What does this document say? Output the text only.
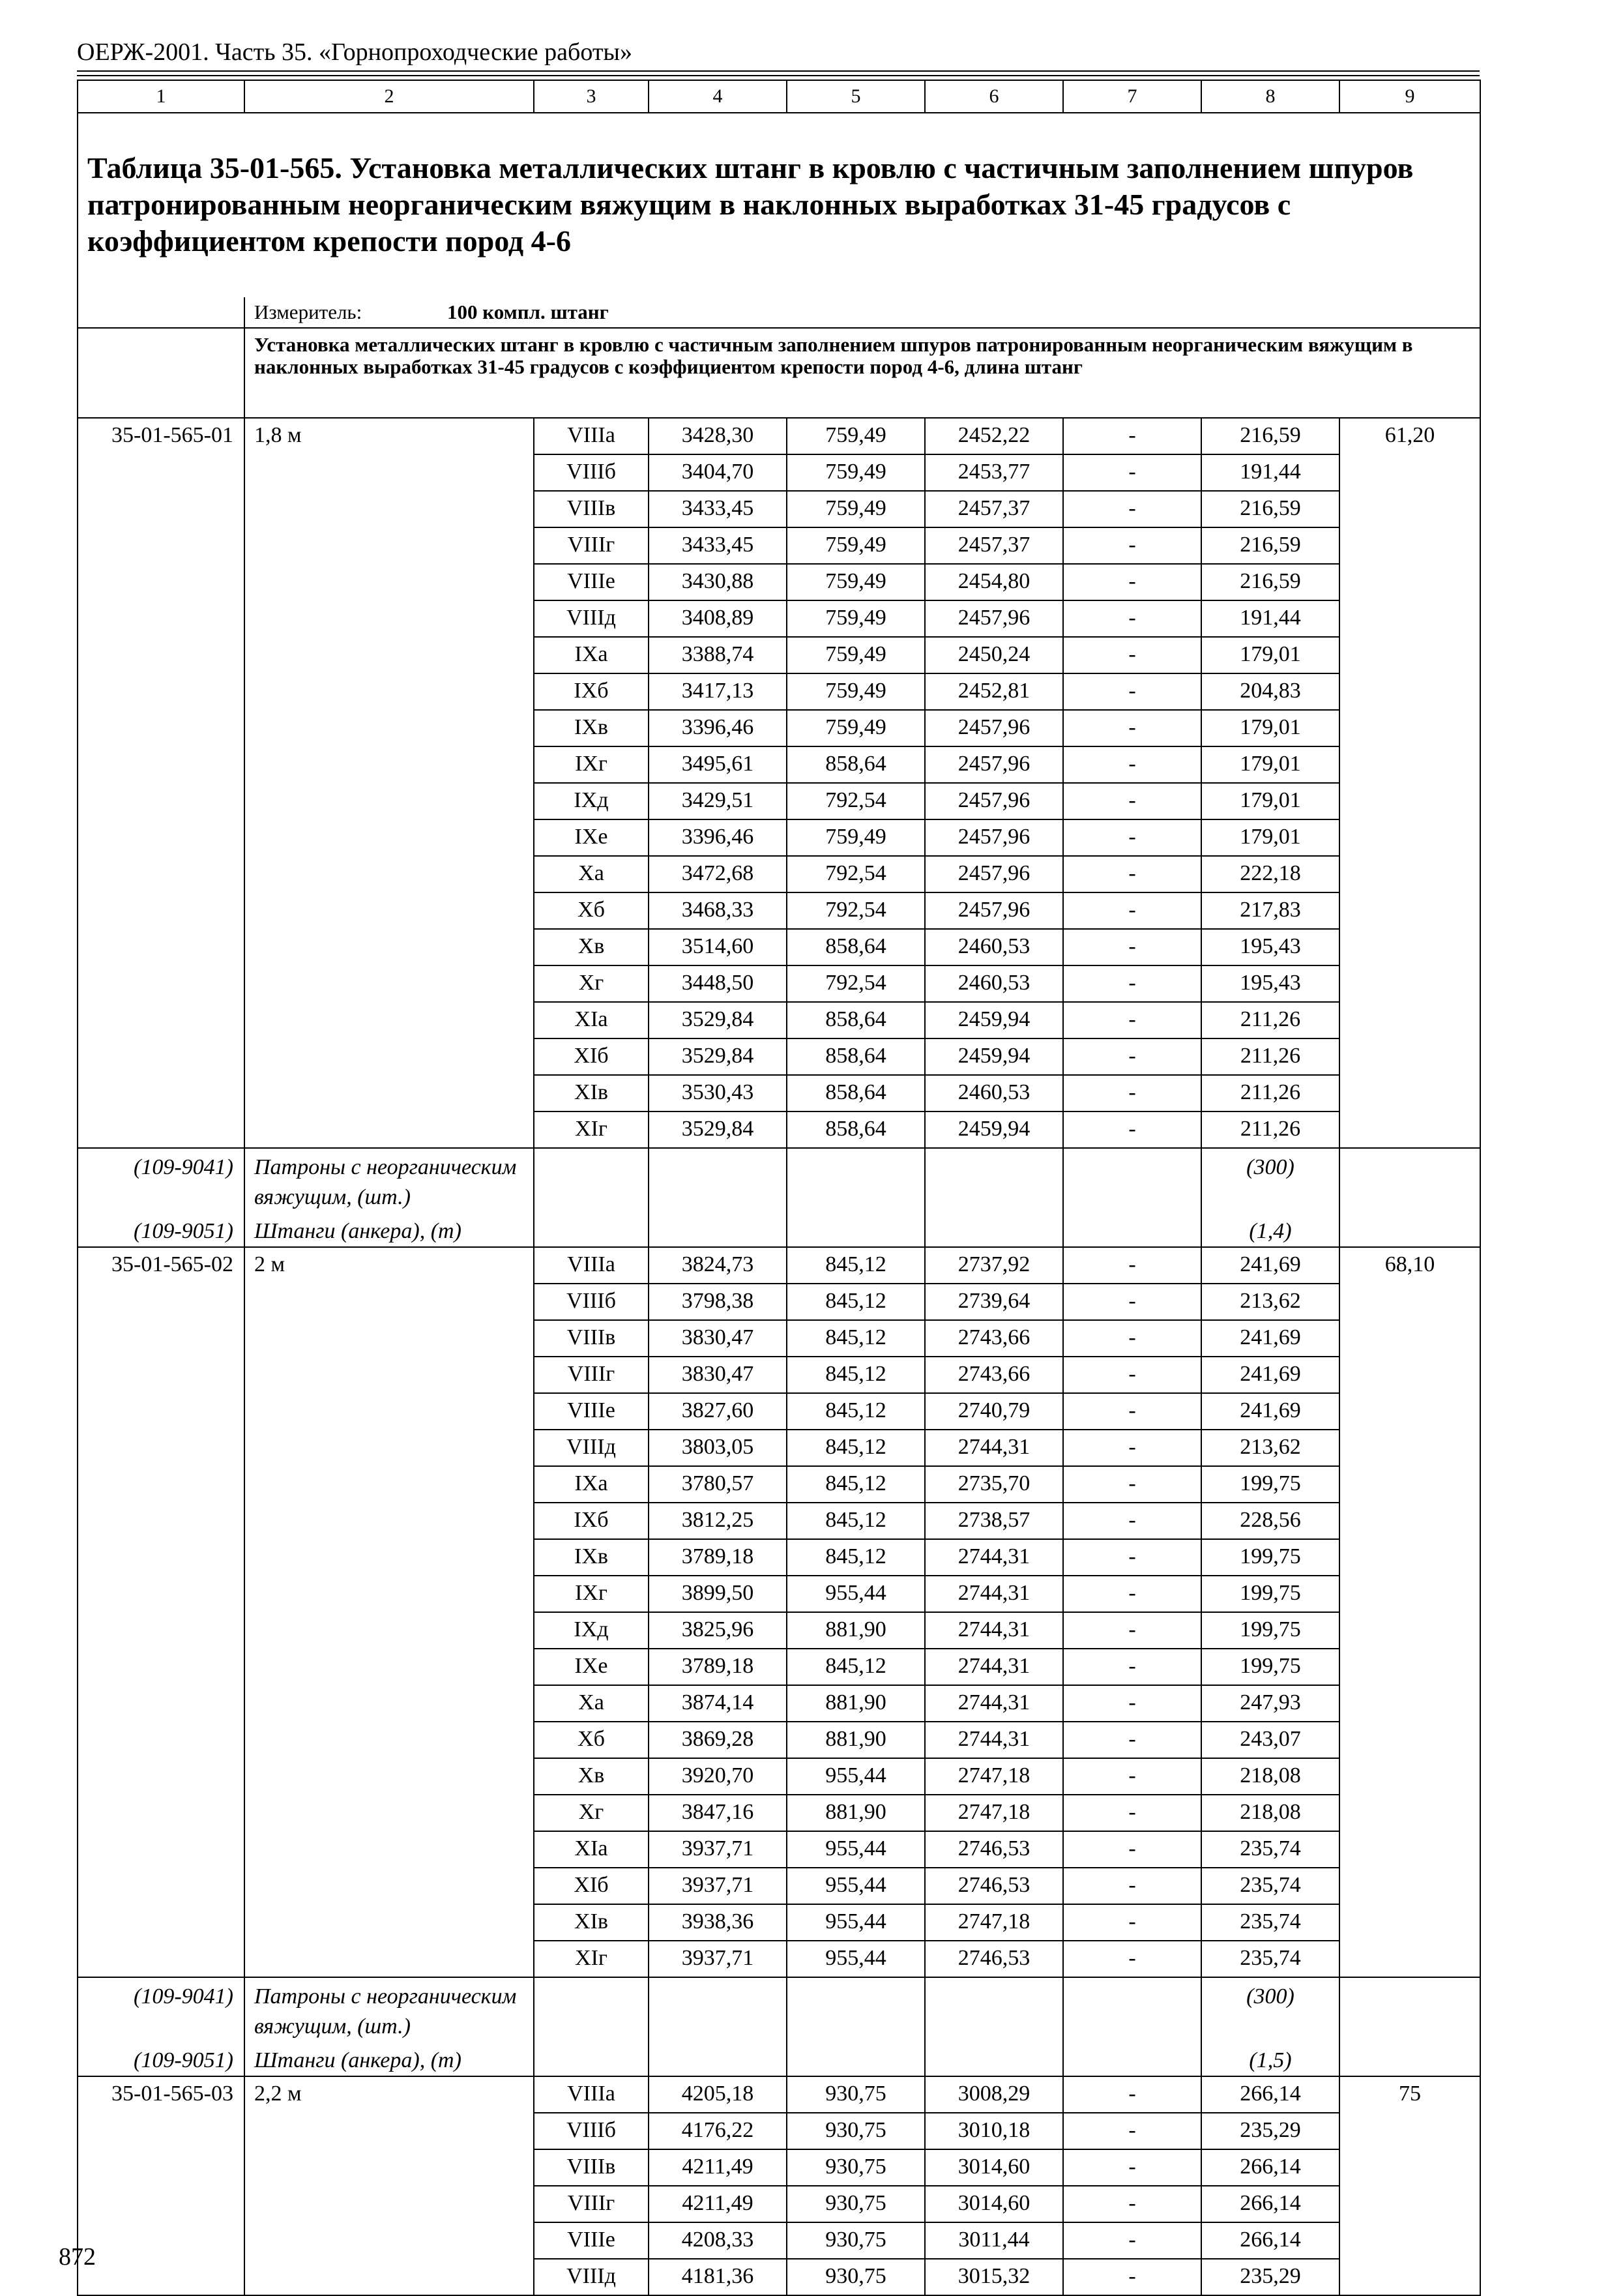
ОЕРЖ-2001. Часть 35. «Горнопроходческие работы»
1	2	3	4	5	6	7	8	9
Таблица 35-01-565. Установка металлических штанг в кровлю с частичным заполнением шпуров патронированным неорганическим вяжущим в наклонных выработках 31-45 градусов с коэффициентом крепости пород 4-6								

	Измеритель: 100 компл. штанг							

	Установка металлических штанг в кровлю с частичным заполнением шпуров патронированным неорганическим вяжущим в наклонных выработках 31-45 градусов с коэффициентом крепости пород 4-6, длина штанг							
35-01-565-01	1,8 м	VIIIа	3428,30	759,49	2452,22	-	216,59	61,20
		VIIIб	3404,70	759,49	2453,77	-	191,44	
		VIIIв	3433,45	759,49	2457,37	-	216,59	
		VIIIг	3433,45	759,49	2457,37	-	216,59	
		VIIIе	3430,88	759,49	2454,80	-	216,59	
		VIIIд	3408,89	759,49	2457,96	-	191,44	
		IXа	3388,74	759,49	2450,24	-	179,01	
		IXб	3417,13	759,49	2452,81	-	204,83	
		IXв	3396,46	759,49	2457,96	-	179,01	
		IXг	3495,61	858,64	2457,96	-	179,01	
		IXд	3429,51	792,54	2457,96	-	179,01	
		IXе	3396,46	759,49	2457,96	-	179,01	
		Xа	3472,68	792,54	2457,96	-	222,18	
		Xб	3468,33	792,54	2457,96	-	217,83	
		Xв	3514,60	858,64	2460,53	-	195,43	
		Xг	3448,50	792,54	2460,53	-	195,43	
		XIа	3529,84	858,64	2459,94	-	211,26	
		XIб	3529,84	858,64	2459,94	-	211,26	
		XIв	3530,43	858,64	2460,53	-	211,26	
		XIг	3529,84	858,64	2459,94	-	211,26	
(109-9041)	Патроны с неорганическим вяжущим, (шт.)						(300)	
(109-9051)	Штанги (анкера), (т)						(1,4)	
35-01-565-02	2 м	VIIIа	3824,73	845,12	2737,92	-	241,69	68,10
		VIIIб	3798,38	845,12	2739,64	-	213,62	
		VIIIв	3830,47	845,12	2743,66	-	241,69	
		VIIIг	3830,47	845,12	2743,66	-	241,69	
		VIIIе	3827,60	845,12	2740,79	-	241,69	
		VIIIд	3803,05	845,12	2744,31	-	213,62	
		IXа	3780,57	845,12	2735,70	-	199,75	
		IXб	3812,25	845,12	2738,57	-	228,56	
		IXв	3789,18	845,12	2744,31	-	199,75	
		IXг	3899,50	955,44	2744,31	-	199,75	
		IXд	3825,96	881,90	2744,31	-	199,75	
		IXе	3789,18	845,12	2744,31	-	199,75	
		Xа	3874,14	881,90	2744,31	-	247,93	
		Xб	3869,28	881,90	2744,31	-	243,07	
		Xв	3920,70	955,44	2747,18	-	218,08	
		Xг	3847,16	881,90	2747,18	-	218,08	
		XIа	3937,71	955,44	2746,53	-	235,74	
		XIб	3937,71	955,44	2746,53	-	235,74	
		XIв	3938,36	955,44	2747,18	-	235,74	
		XIг	3937,71	955,44	2746,53	-	235,74	
(109-9041)	Патроны с неорганическим вяжущим, (шт.)						(300)	
(109-9051)	Штанги (анкера), (т)						(1,5)	
35-01-565-03	2,2 м	VIIIа	4205,18	930,75	3008,29	-	266,14	75
		VIIIб	4176,22	930,75	3010,18	-	235,29	
		VIIIв	4211,49	930,75	3014,60	-	266,14	
		VIIIг	4211,49	930,75	3014,60	-	266,14	
		VIIIе	4208,33	930,75	3011,44	-	266,14	
		VIIIд	4181,36	930,75	3015,32	-	235,29	
872
